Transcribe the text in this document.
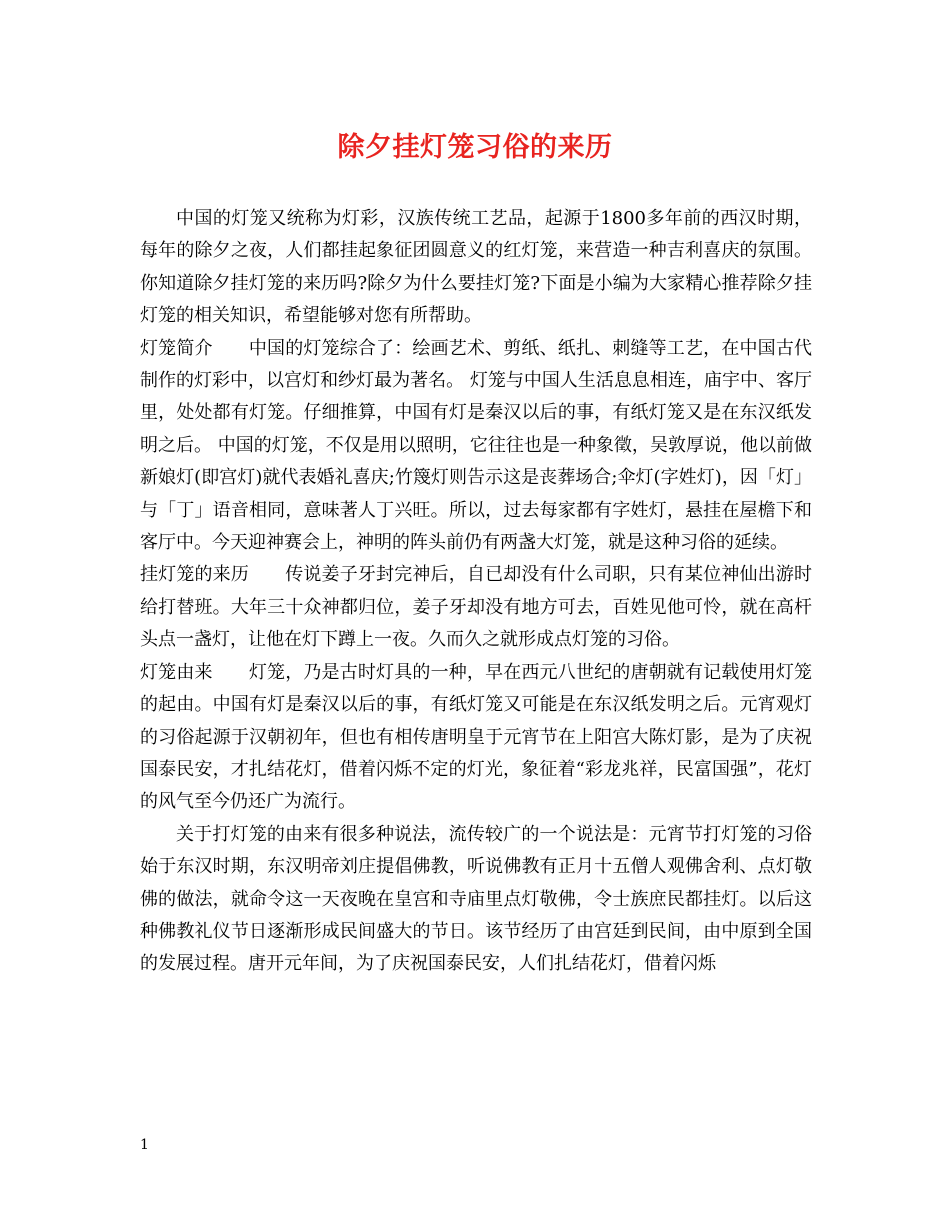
除夕挂灯笼习俗的来历

中国的灯笼又统称为灯彩，汉族传统工艺品，起源于1800多年前的西汉时期，每年的除夕之夜，人们都挂起象征团圆意义的红灯笼，来营造一种吉利喜庆的氛围。你知道除夕挂灯笼的来历吗?除夕为什么要挂灯笼?下面是小编为大家精心推荐除夕挂灯笼的相关知识，希望能够对您有所帮助。

灯笼简介 中国的灯笼综合了：绘画艺术、剪纸、纸扎、刺缝等工艺，在中国古代制作的灯彩中，以宫灯和纱灯最为著名。 灯笼与中国人生活息息相连，庙宇中、客厅里，处处都有灯笼。仔细推算，中国有灯是秦汉以后的事，有纸灯笼又是在东汉纸发明之后。 中国的灯笼，不仅是用以照明，它往往也是一种象徵，吴敦厚说，他以前做新娘灯(即宫灯)就代表婚礼喜庆;竹篾灯则告示这是丧葬场合;伞灯(字姓灯)，因「灯」与「丁」语音相同，意味著人丁兴旺。所以，过去每家都有字姓灯，悬挂在屋檐下和客厅中。今天迎神赛会上，神明的阵头前仍有两盏大灯笼，就是这种习俗的延续。

挂灯笼的来历 传说姜子牙封完神后，自已却没有什么司职，只有某位神仙出游时给打替班。大年三十众神都归位，姜子牙却没有地方可去，百姓见他可怜，就在高杆头点一盏灯，让他在灯下蹲上一夜。久而久之就形成点灯笼的习俗。

灯笼由来 灯笼，乃是古时灯具的一种，早在西元八世纪的唐朝就有记载使用灯笼的起由。中国有灯是秦汉以后的事，有纸灯笼又可能是在东汉纸发明之后。元宵观灯的习俗起源于汉朝初年，但也有相传唐明皇于元宵节在上阳宫大陈灯影，是为了庆祝国泰民安，才扎结花灯，借着闪烁不定的灯光，象征着“彩龙兆祥，民富国强”，花灯的风气至今仍还广为流行。

关于打灯笼的由来有很多种说法，流传较广的一个说法是：元宵节打灯笼的习俗始于东汉时期，东汉明帝刘庄提倡佛教，听说佛教有正月十五僧人观佛舍利、点灯敬佛的做法，就命令这一天夜晚在皇宫和寺庙里点灯敬佛，令士族庶民都挂灯。以后这种佛教礼仪节日逐渐形成民间盛大的节日。该节经历了由宫廷到民间，由中原到全国的发展过程。唐开元年间，为了庆祝国泰民安，人们扎结花灯，借着闪烁

1
